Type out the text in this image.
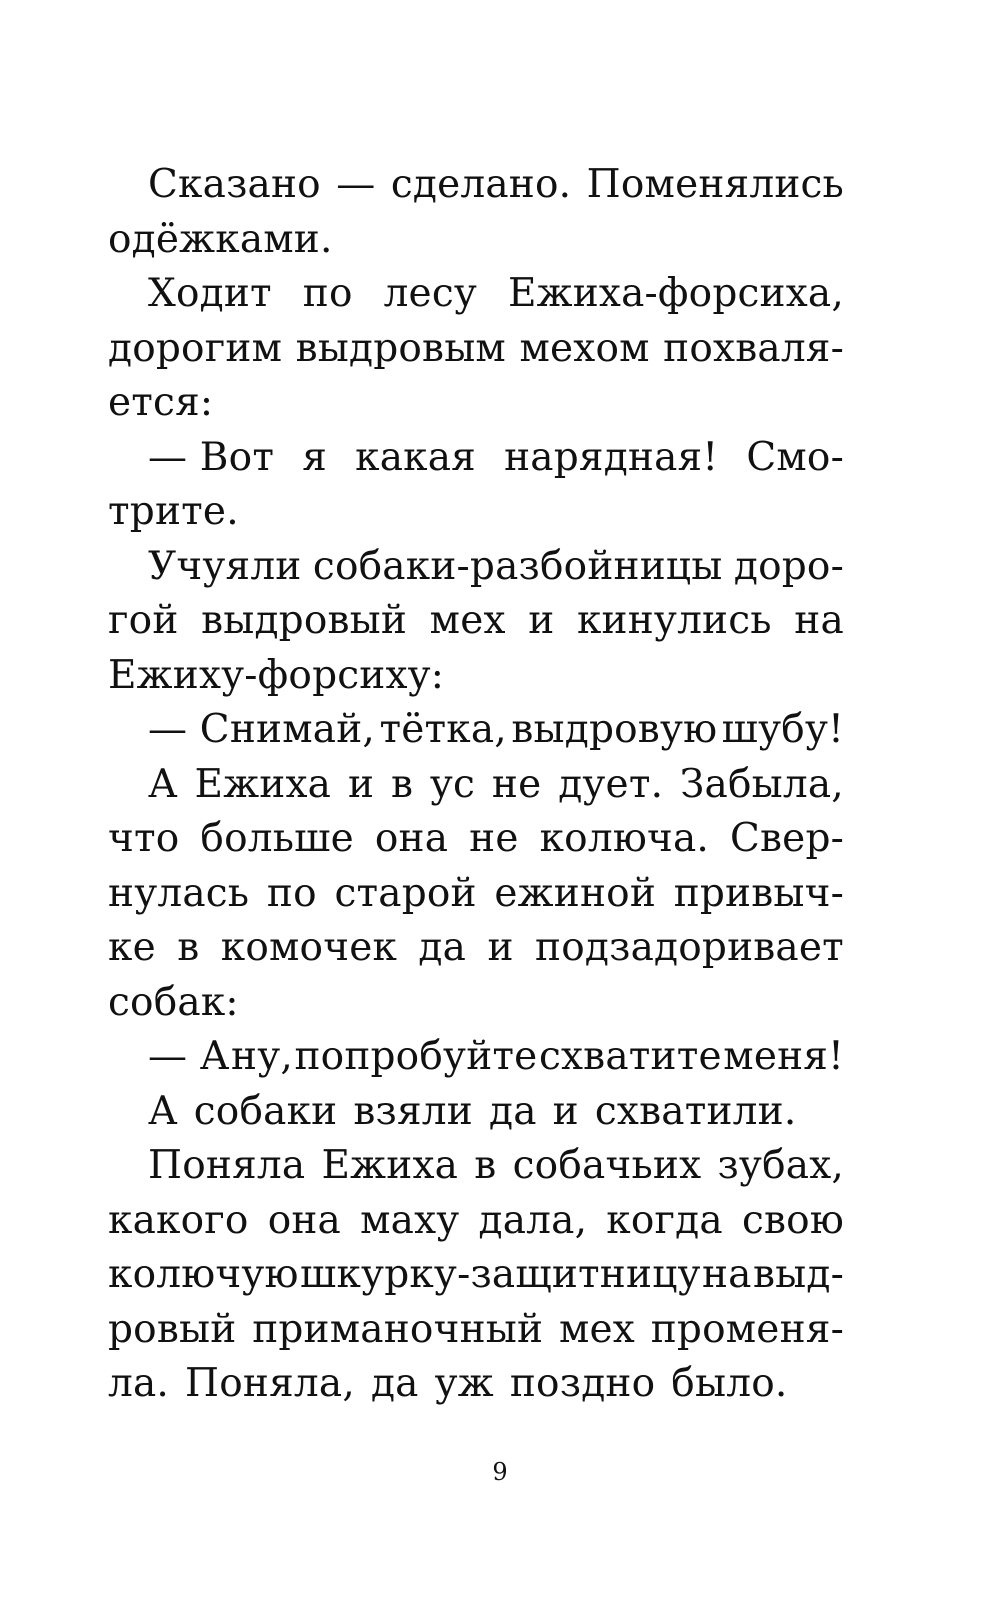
Сказано — сделано. Поменялись
одёжками.
Ходит по лесу Ежиха-форсиха,
дорогим выдровым мехом похваля-
ется:
— Вот я какая нарядная! Смо-
трите.
Учуяли собаки-разбойницы доро-
гой выдровый мех и кинулись на
Ежиху-форсиху:
— Снимай, тётка, выдровую шубу!
А Ежиха и в ус не дует. Забыла,
что больше она не колюча. Свер-
нулась по старой ежиной привыч-
ке в комочек да и подзадоривает
собак:
— А ну, попробуйте схватите меня!
А собаки взяли да и схватили.
Поняла Ежиха в собачьих зубах,
какого она маху дала, когда свою
колючую шкурку-защитницу на выд-
ровый приманочный мех променя-
ла. Поняла, да уж поздно было.
9
